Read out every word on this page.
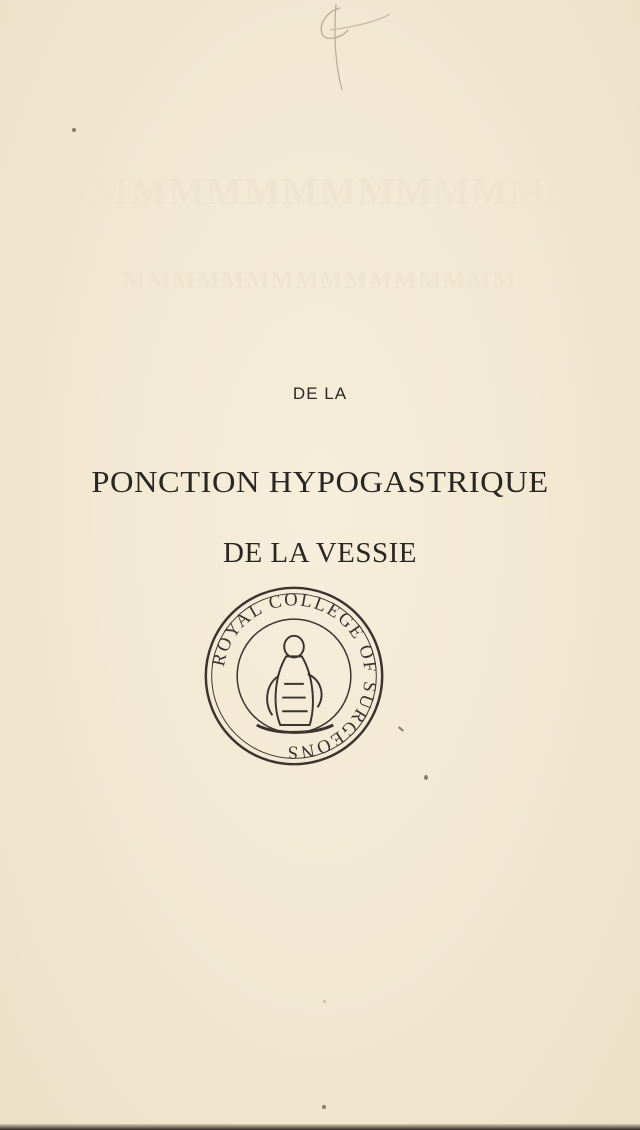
MMMMMMMMMMMMMM
MMMMMMMMMMMMMMMM

DE LA

PONCTION HYPOGASTRIQUE

DE LA VESSIE

ROYAL COLLEGE OF SURGEONS
